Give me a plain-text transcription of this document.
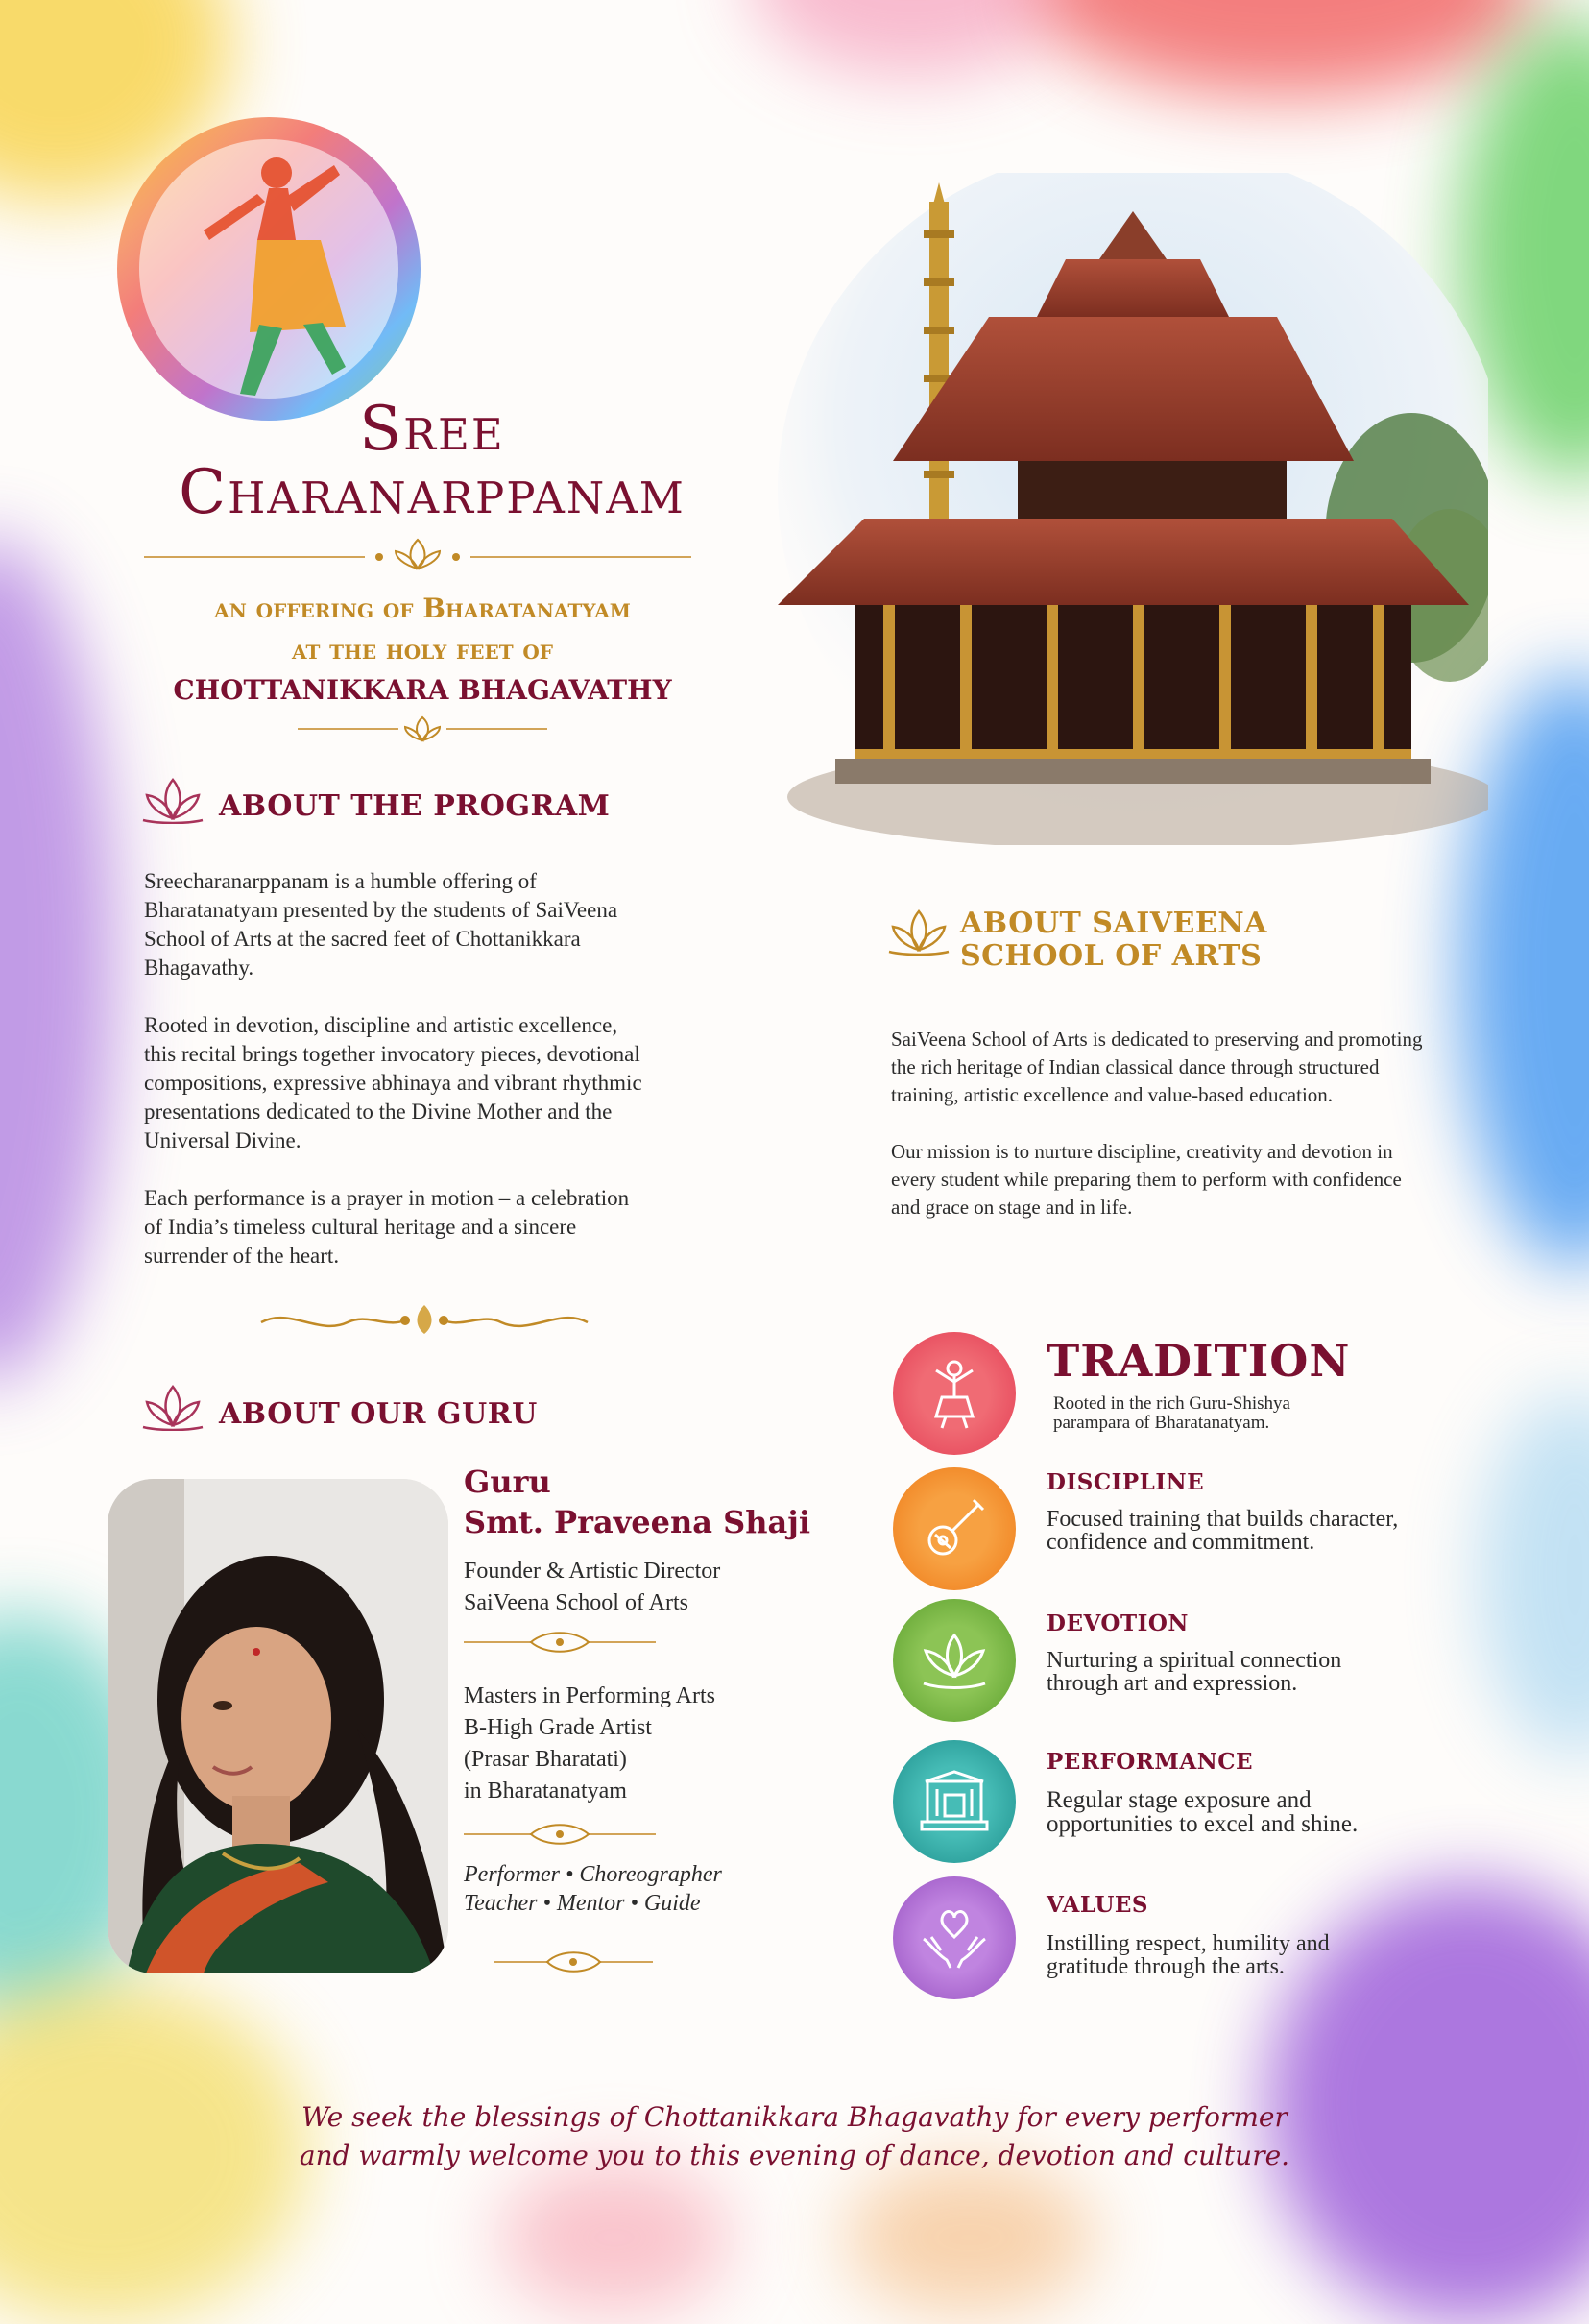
Sree
Charanarppanam
an offering of Bharatanatyam
at the holy feet of
CHOTTANIKKARA BHAGAVATHY
ABOUT THE PROGRAM

Sreecharanarppanam is a humble offering of Bharatanatyam presented by the students of SaiVeena School of Arts at the sacred feet of Chottanikkara Bhagavathy.

Rooted in devotion, discipline and artistic excellence, this recital brings together invocatory pieces, devotional compositions, expressive abhinaya and vibrant rhythmic presentations dedicated to the Divine Mother and the Universal Divine.

Each performance is a prayer in motion – a celebration of India’s timeless cultural heritage and a sincere surrender of the heart.

ABOUT OUR GURU
Guru
Smt. Praveena Shaji
Founder & Artistic Director
SaiVeena School of Arts
Masters in Performing Arts
B-High Grade Artist
(Prasar Bharatati)
in Bharatanatyam
Performer • Choreographer
Teacher • Mentor • Guide
ABOUT SAIVEENA
SCHOOL OF ARTS

SaiVeena School of Arts is dedicated to preserving and promoting the rich heritage of Indian classical dance through structured training, artistic excellence and value-based education.

Our mission is to nurture discipline, creativity and devotion in every student while preparing them to perform with confidence and grace on stage and in life.

TRADITION
Rooted in the rich Guru-Shishya
parampara of Bharatanatyam.
DISCIPLINE
Focused training that builds character,
confidence and commitment.
DEVOTION
Nurturing a spiritual connection
through art and expression.
PERFORMANCE
Regular stage exposure and
opportunities to excel and shine.
VALUES
Instilling respect, humility and
gratitude through the arts.
We seek the blessings of Chottanikkara Bhagavathy for every performer
and warmly welcome you to this evening of dance, devotion and culture.
